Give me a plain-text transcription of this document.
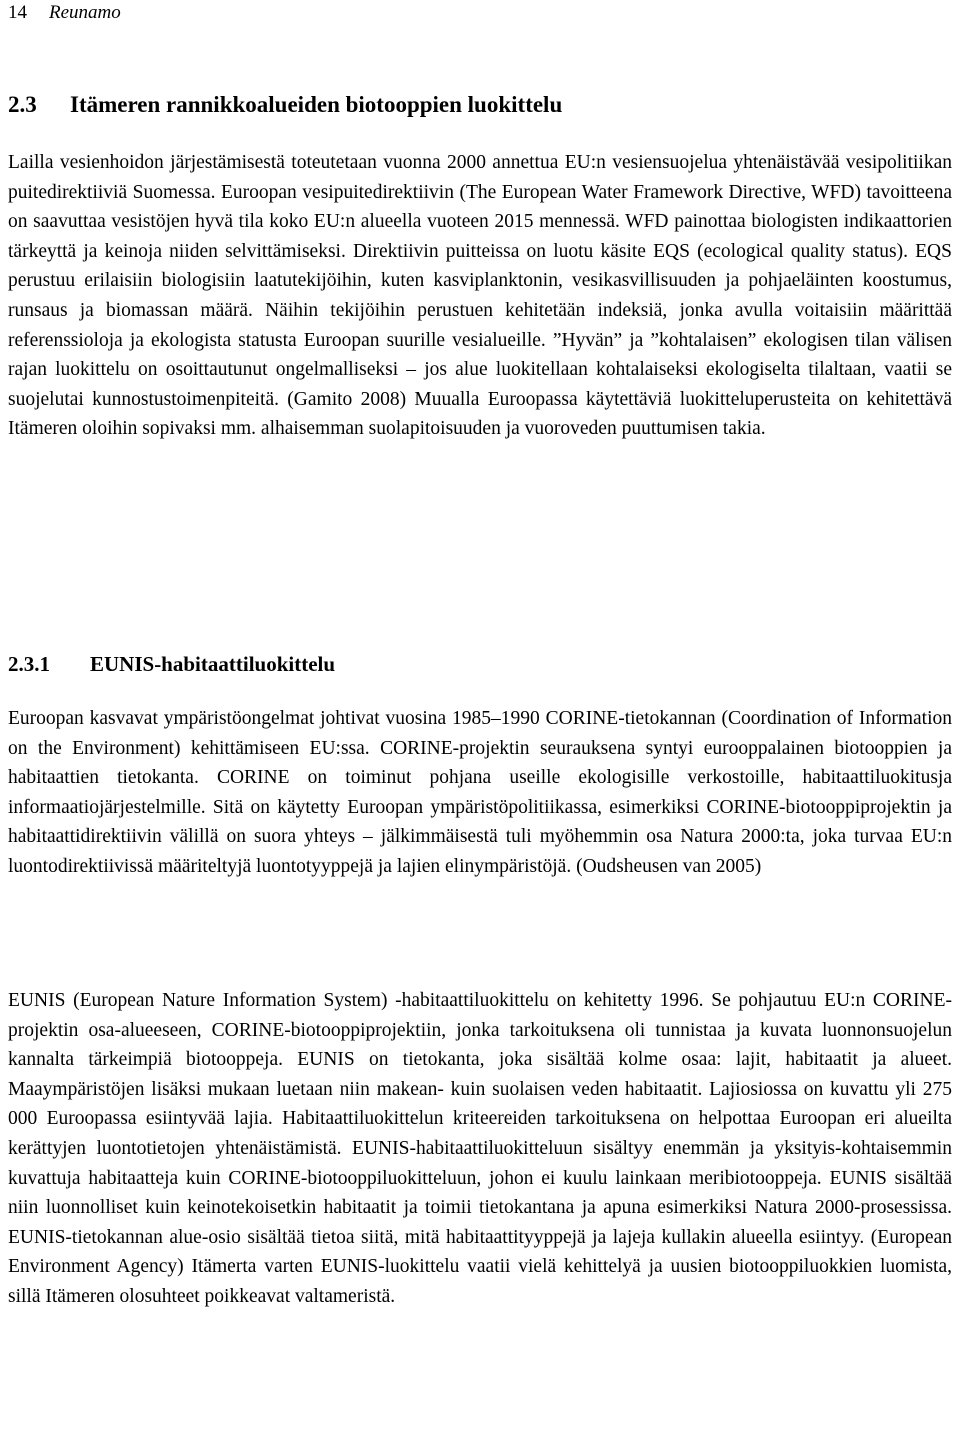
14 Reunamo
2.3 Itämeren rannikkoalueiden biotooppien luokittelu

Lailla vesienhoidon järjestämisestä toteutetaan vuonna 2000 annettua EU:n vesiensuojelua yhtenäistävää vesipolitiikan puitedirektiiviä Suomessa. Euroopan vesipuitedirektiivin (The European Water Framework Directive, WFD) tavoitteena on saavuttaa vesistöjen hyvä tila koko EU:n alueella vuoteen 2015 mennessä. WFD painottaa biologisten indikaattorien tärkeyttä ja keinoja niiden selvittämiseksi. Direktiivin puitteissa on luotu käsite EQS (ecological quality status). EQS perustuu erilaisiin biologisiin laatutekijöihin, kuten kasviplanktonin, vesikasvillisuuden ja pohjaeläinten koostumus, runsaus ja biomassan määrä. Näihin tekijöihin perustuen kehitetään indeksiä, jonka avulla voitaisiin määrittää referenssioloja ja ekologista statusta Euroopan suurille vesialueille. ”Hyvän” ja ”kohtalaisen” ekologisen tilan välisen rajan luokittelu on osoittautunut ongelmalliseksi – jos alue luokitellaan kohtalaiseksi ekologiselta tilaltaan, vaatii se suojelutai kunnostustoimenpiteitä. (Gamito 2008) Muualla Euroopassa käytettäviä luokitteluperusteita on kehitettävä Itämeren oloihin sopivaksi mm. alhaisemman suolapitoisuuden ja vuoroveden puuttumisen takia.

2.3.1 EUNIS-habitaattiluokittelu

Euroopan kasvavat ympäristöongelmat johtivat vuosina 1985–1990 CORINE-tietokannan (Coordination of Information on the Environment) kehittämiseen EU:ssa. CORINE-projektin seurauksena syntyi eurooppalainen biotooppien ja habitaattien tietokanta. CORINE on toiminut pohjana useille ekologisille verkostoille, habitaattiluokitusja informaatiojärjestelmille. Sitä on käytetty Euroopan ympäristöpolitiikassa, esimerkiksi CORINE-biotooppiprojektin ja habitaattidirektiivin välillä on suora yhteys – jälkimmäisestä tuli myöhemmin osa Natura 2000:ta, joka turvaa EU:n luontodirektiivissä määriteltyjä luontotyyppejä ja lajien elinympäristöjä. (Oudsheusen van 2005)

EUNIS (European Nature Information System) -habitaattiluokittelu on kehitetty 1996. Se pohjautuu EU:n CORINE-projektin osa-alueeseen, CORINE-biotooppiprojektiin, jonka tarkoituksena oli tunnistaa ja kuvata luonnonsuojelun kannalta tärkeimpiä biotooppeja. EUNIS on tietokanta, joka sisältää kolme osaa: lajit, habitaatit ja alueet. Maaympäristöjen lisäksi mukaan luetaan niin makean- kuin suolaisen veden habitaatit. Lajiosiossa on kuvattu yli 275 000 Euroopassa esiintyvää lajia. Habitaattiluokittelun kriteereiden tarkoituksena on helpottaa Euroopan eri alueilta kerättyjen luontotietojen yhtenäistämistä. EUNIS-habitaattiluokitteluun sisältyy enemmän ja yksityis-kohtaisemmin kuvattuja habitaatteja kuin CORINE-biotooppiluokitteluun, johon ei kuulu lainkaan meribiotooppeja. EUNIS sisältää niin luonnolliset kuin keinotekoisetkin habitaatit ja toimii tietokantana ja apuna esimerkiksi Natura 2000-prosessissa. EUNIS-tietokannan alue-osio sisältää tietoa siitä, mitä habitaattityyppejä ja lajeja kullakin alueella esiintyy. (European Environment Agency) Itämerta varten EUNIS-luokittelu vaatii vielä kehittelyä ja uusien biotooppiluokkien luomista, sillä Itämeren olosuhteet poikkeavat valtameristä.
